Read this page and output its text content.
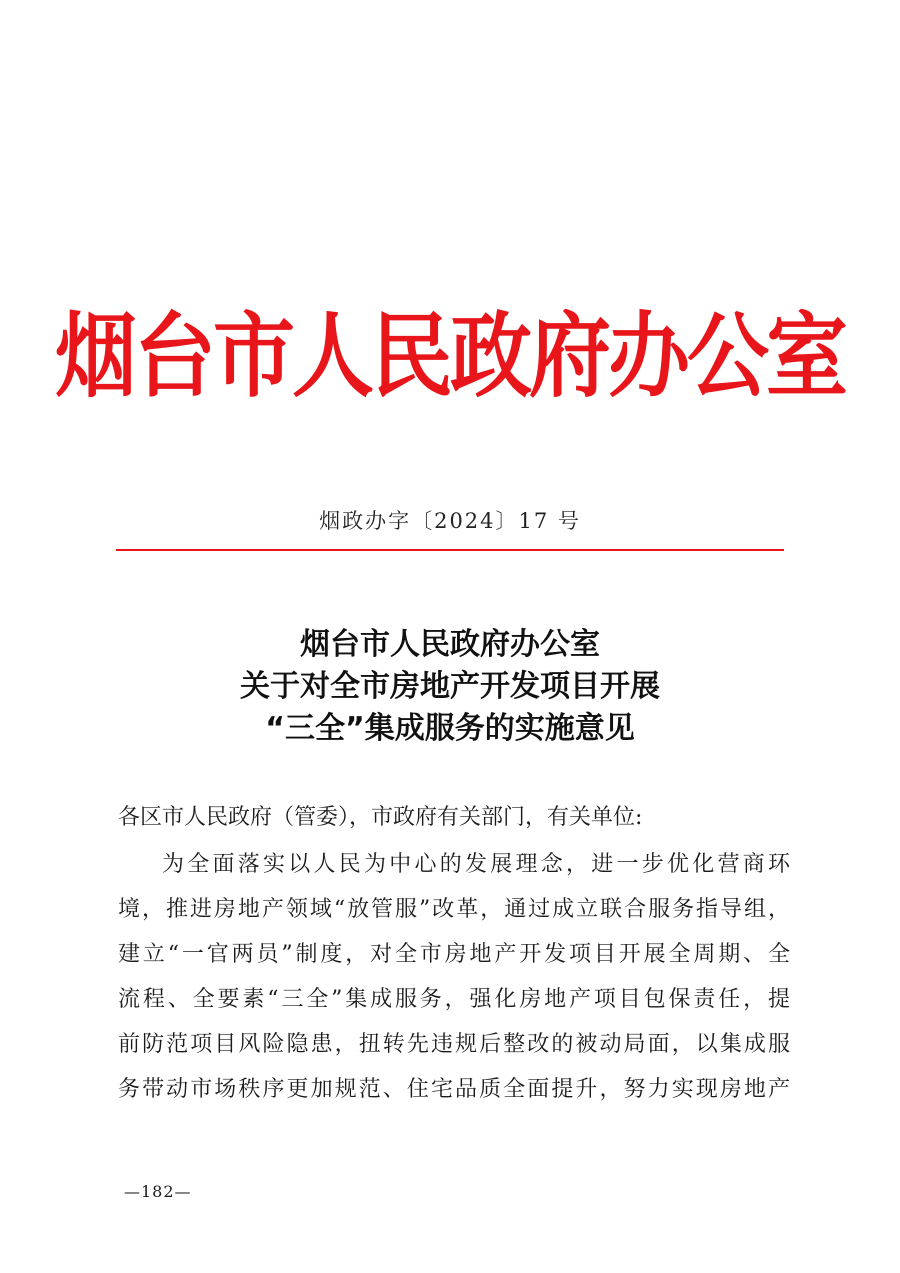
烟台市人民政府办公室
烟政办字〔2024〕17 号
烟台市人民政府办公室
关于对全市房地产开发项目开展
“三全”集成服务的实施意见
各区市人民政府（管委），市政府有关部门，有关单位:
为全面落实以人民为中心的发展理念，进一步优化营商环
境，推进房地产领域“放管服”改革，通过成立联合服务指导组，
建立“一官两员”制度，对全市房地产开发项目开展全周期、全
流程、全要素“三全”集成服务，强化房地产项目包保责任，提
前防范项目风险隐患，扭转先违规后整改的被动局面，以集成服
务带动市场秩序更加规范、住宅品质全面提升，努力实现房地产
—182—
